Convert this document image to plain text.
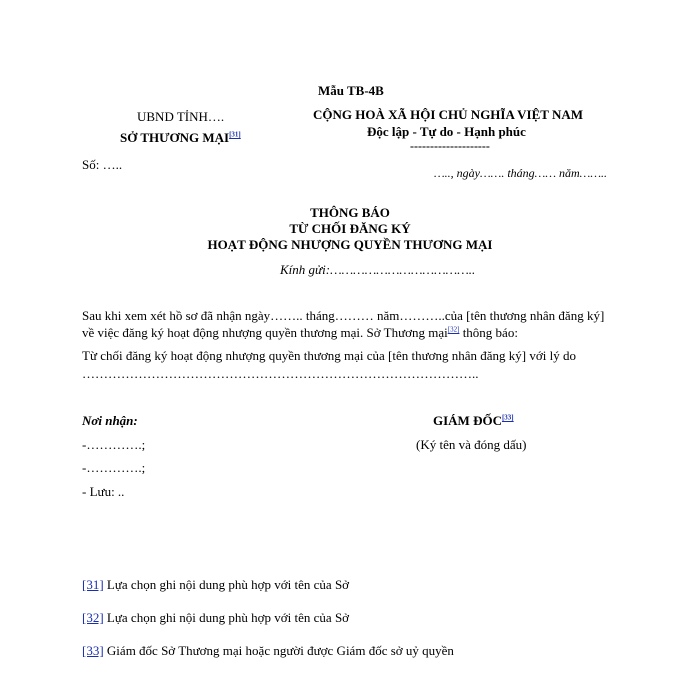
Mẫu TB-4B
UBND TỈNH….
SỞ THƯƠNG MẠI[31]
Số: …..
CỘNG HOÀ XÃ HỘI CHỦ NGHĨA VIỆT NAM
Độc lập - Tự do - Hạnh phúc
--------------------
….., ngày……. tháng…… năm……..
THÔNG BÁO
TỪ CHỐI ĐĂNG KÝ
HOẠT ĐỘNG NHƯỢNG QUYỀN THƯƠNG MẠI
Kính gửi:………………………………..
Sau khi xem xét hồ sơ đã nhận ngày…….. tháng……… năm………..của [tên thương nhân đăng ký]
về việc đăng ký hoạt động nhượng quyền thương mại. Sở Thương mại[32] thông báo:
Từ chối đăng ký hoạt động nhượng quyền thương mại của [tên thương nhân đăng ký] với lý do
………………………………………………………………………………..
Nơi nhận:
-………….;
-………….;
- Lưu: ..
GIÁM ĐỐC[33]
(Ký tên và đóng dấu)
[31] Lựa chọn ghi nội dung phù hợp với tên của Sở
[32] Lựa chọn ghi nội dung phù hợp với tên của Sở
[33] Giám đốc Sở Thương mại hoặc người được Giám đốc sở uỷ quyền
